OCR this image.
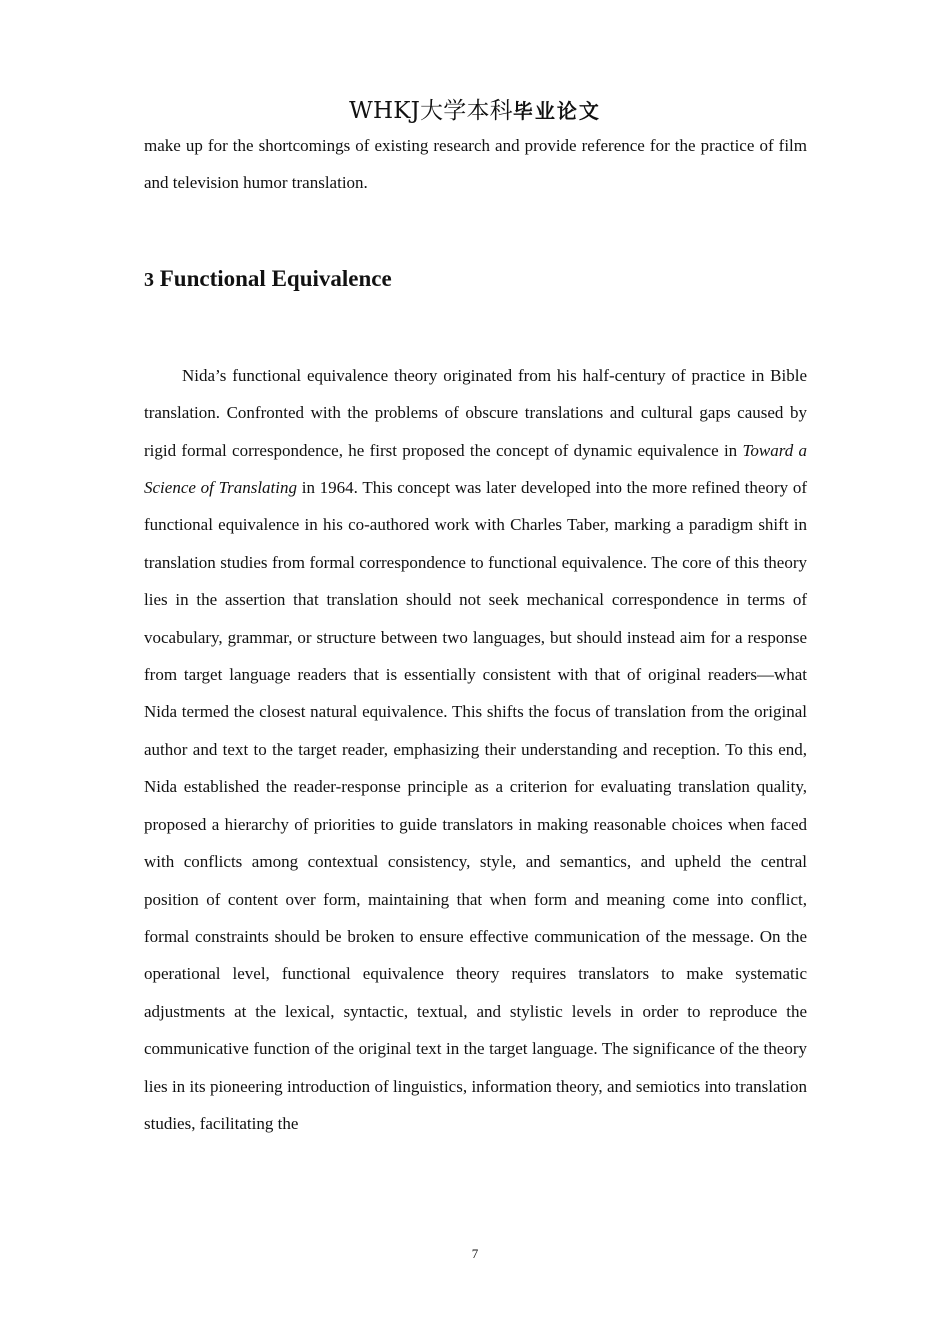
WHKJ大学本科毕业论文

make up for the shortcomings of existing research and provide reference for the practice of film and television humor translation.

3 Functional Equivalence

Nida’s functional equivalence theory originated from his half-century of practice in Bible translation. Confronted with the problems of obscure translations and cultural gaps caused by rigid formal correspondence, he first proposed the concept of dynamic equivalence in Toward a Science of Translating in 1964. This concept was later developed into the more refined theory of functional equivalence in his co-authored work with Charles Taber, marking a paradigm shift in translation studies from formal correspondence to functional equivalence. The core of this theory lies in the assertion that translation should not seek mechanical correspondence in terms of vocabulary, grammar, or structure between two languages, but should instead aim for a response from target language readers that is essentially consistent with that of original readers—what Nida termed the closest natural equivalence. This shifts the focus of translation from the original author and text to the target reader, emphasizing their understanding and reception. To this end, Nida established the reader-response principle as a criterion for evaluating translation quality, proposed a hierarchy of priorities to guide translators in making reasonable choices when faced with conflicts among contextual consistency, style, and semantics, and upheld the central position of content over form, maintaining that when form and meaning come into conflict, formal constraints should be broken to ensure effective communication of the message. On the operational level, functional equivalence theory requires translators to make systematic adjustments at the lexical, syntactic, textual, and stylistic levels in order to reproduce the communicative function of the original text in the target language. The significance of the theory lies in its pioneering introduction of linguistics, information theory, and semiotics into translation studies, facilitating the

7
